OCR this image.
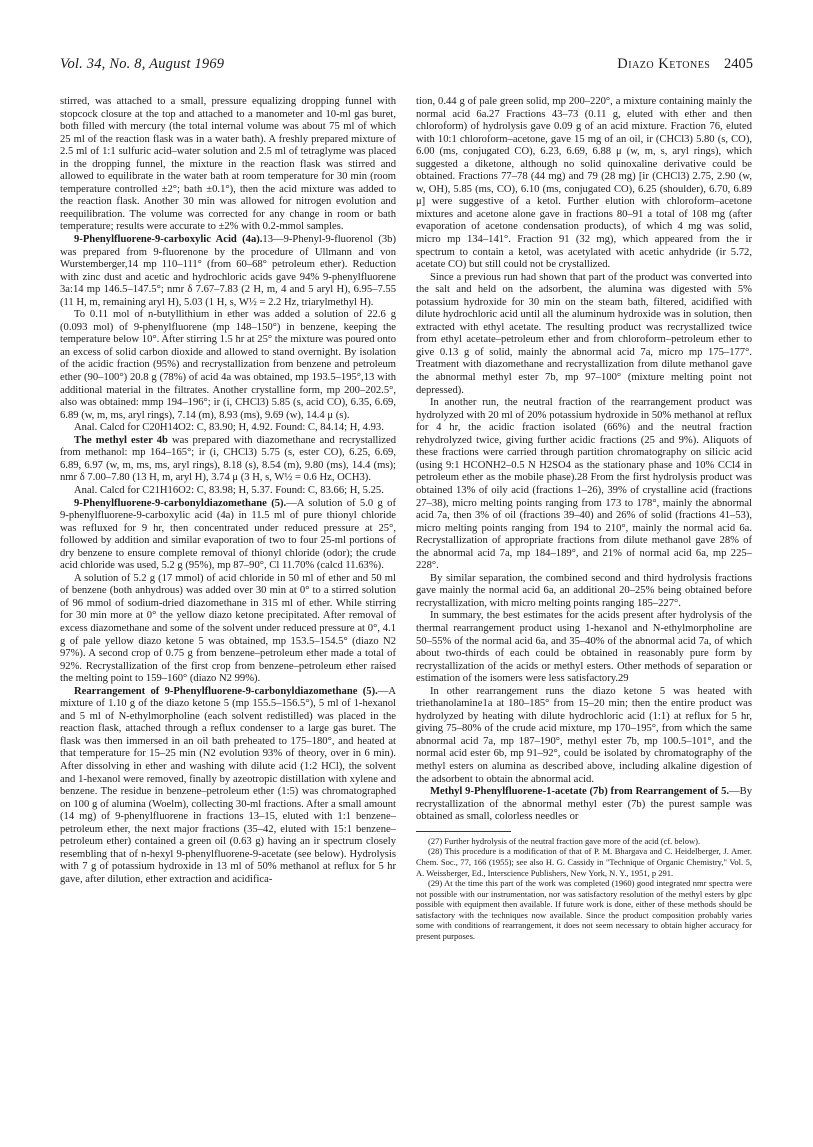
Vol. 34, No. 8, August 1969	Diazo Ketones 2405

stirred, was attached to a small, pressure equalizing dropping funnel with stopcock closure at the top and attached to a manometer and 10-ml gas buret, both filled with mercury (the total internal volume was about 75 ml of which 25 ml of the reaction flask was in a water bath). A freshly prepared mixture of 2.5 ml of 1:1 sulfuric acid–water solution and 2.5 ml of tetraglyme was placed in the dropping funnel, the mixture in the reaction flask was stirred and allowed to equilibrate in the water bath at room temperature for 30 min (room temperature controlled ±2°; bath ±0.1°), then the acid mixture was added to the reaction flask. Another 30 min was allowed for nitrogen evolution and reequilibration. The volume was corrected for any change in room or bath temperature; results were accurate to ±2% with 0.2-mmol samples.

9-Phenylfluorene-9-carboxylic Acid (4a).13—9-Phenyl-9-fluorenol (3b) was prepared from 9-fluorenone by the procedure of Ullmann and von Wurstemberger,14 mp 110–111° (from 60–68° petroleum ether). Reduction with zinc dust and acetic and hydrochloric acids gave 94% 9-phenylfluorene 3a:14 mp 146.5–147.5°; nmr δ 7.67–7.83 (2 H, m, 4 and 5 aryl H), 6.95–7.55 (11 H, m, remaining aryl H), 5.03 (1 H, s, W½ = 2.2 Hz, triarylmethyl H).

To 0.11 mol of n-butyllithium in ether was added a solution of 22.6 g (0.093 mol) of 9-phenylfluorene (mp 148–150°) in benzene, keeping the temperature below 10°. After stirring 1.5 hr at 25° the mixture was poured onto an excess of solid carbon dioxide and allowed to stand overnight. By isolation of the acidic fraction (95%) and recrystallization from benzene and petroleum ether (90–100°) 20.8 g (78%) of acid 4a was obtained, mp 193.5–195°,13 with additional material in the filtrates. Another crystalline form, mp 200–202.5°, also was obtained: mmp 194–196°; ir (i, CHCl3) 5.85 (s, acid CO), 6.35, 6.69, 6.89 (w, m, ms, aryl rings), 7.14 (m), 8.93 (ms), 9.69 (w), 14.4 μ (s).

Anal. Calcd for C20H14O2: C, 83.90; H, 4.92. Found: C, 84.14; H, 4.93.

The methyl ester 4b was prepared with diazomethane and recrystallized from methanol: mp 164–165°; ir (i, CHCl3) 5.75 (s, ester CO), 6.25, 6.69, 6.89, 6.97 (w, m, ms, ms, aryl rings), 8.18 (s), 8.54 (m), 9.80 (ms), 14.4 (ms); nmr δ 7.00–7.80 (13 H, m, aryl H), 3.74 μ (3 H, s, W½ = 0.6 Hz, OCH3).

Anal. Calcd for C21H16O2: C, 83.98; H, 5.37. Found: C, 83.66; H, 5.25.

9-Phenylfluorene-9-carbonyldiazomethane (5).—A solution of 5.0 g of 9-phenylfluorene-9-carboxylic acid (4a) in 11.5 ml of pure thionyl chloride was refluxed for 9 hr, then concentrated under reduced pressure at 25°, followed by addition and similar evaporation of two to four 25-ml portions of dry benzene to ensure complete removal of thionyl chloride (odor); the crude acid chloride was used, 5.2 g (95%), mp 87–90°, Cl 11.70% (calcd 11.63%).

A solution of 5.2 g (17 mmol) of acid chloride in 50 ml of ether and 50 ml of benzene (both anhydrous) was added over 30 min at 0° to a stirred solution of 96 mmol of sodium-dried diazomethane in 315 ml of ether. While stirring for 30 min more at 0° the yellow diazo ketone precipitated. After removal of excess diazomethane and some of the solvent under reduced pressure at 0°, 4.1 g of pale yellow diazo ketone 5 was obtained, mp 153.5–154.5° (diazo N2 97%). A second crop of 0.75 g from benzene–petroleum ether made a total of 92%. Recrystallization of the first crop from benzene–petroleum ether raised the melting point to 159–160° (diazo N2 99%).

Rearrangement of 9-Phenylfluorene-9-carbonyldiazomethane (5).—A mixture of 1.10 g of the diazo ketone 5 (mp 155.5–156.5°), 5 ml of 1-hexanol and 5 ml of N-ethylmorpholine (each solvent redistilled) was placed in the reaction flask, attached through a reflux condenser to a large gas buret. The flask was then immersed in an oil bath preheated to 175–180°, and heated at that temperature for 15–25 min (N2 evolution 93% of theory, over in 6 min). After dissolving in ether and washing with dilute acid (1:2 HCl), the solvent and 1-hexanol were removed, finally by azeotropic distillation with xylene and benzene. The residue in benzene–petroleum ether (1:5) was chromatographed on 100 g of alumina (Woelm), collecting 30-ml fractions. After a small amount (14 mg) of 9-phenylfluorene in fractions 13–15, eluted with 1:1 benzene–petroleum ether, the next major fractions (35–42, eluted with 15:1 benzene–petroleum ether) contained a green oil (0.63 g) having an ir spectrum closely resembling that of n-hexyl 9-phenylfluorene-9-acetate (see below). Hydrolysis with 7 g of potassium hydroxide in 13 ml of 50% methanol at reflux for 5 hr gave, after dilution, ether extraction and acidifica-

tion, 0.44 g of pale green solid, mp 200–220°, a mixture containing mainly the normal acid 6a.27 Fractions 43–73 (0.11 g, eluted with ether and then chloroform) of hydrolysis gave 0.09 g of an acid mixture. Fraction 76, eluted with 10:1 chloroform–acetone, gave 15 mg of an oil, ir (CHCl3) 5.80 (s, CO), 6.00 (ms, conjugated CO), 6.23, 6.69, 6.88 μ (w, m, s, aryl rings), which suggested a diketone, although no solid quinoxaline derivative could be obtained. Fractions 77–78 (44 mg) and 79 (28 mg) [ir (CHCl3) 2.75, 2.90 (w, w, OH), 5.85 (ms, CO), 6.10 (ms, conjugated CO), 6.25 (shoulder), 6.70, 6.89 μ] were suggestive of a ketol. Further elution with chloroform–acetone mixtures and acetone alone gave in fractions 80–91 a total of 108 mg (after evaporation of acetone condensation products), of which 4 mg was solid, micro mp 134–141°. Fraction 91 (32 mg), which appeared from the ir spectrum to contain a ketol, was acetylated with acetic anhydride (ir 5.72, acetate CO) but still could not be crystallized.

Since a previous run had shown that part of the product was converted into the salt and held on the adsorbent, the alumina was digested with 5% potassium hydroxide for 30 min on the steam bath, filtered, acidified with dilute hydrochloric acid until all the aluminum hydroxide was in solution, then extracted with ethyl acetate. The resulting product was recrystallized twice from ethyl acetate–petroleum ether and from chloroform–petroleum ether to give 0.13 g of solid, mainly the abnormal acid 7a, micro mp 175–177°. Treatment with diazomethane and recrystallization from dilute methanol gave the abnormal methyl ester 7b, mp 97–100° (mixture melting point not depressed).

In another run, the neutral fraction of the rearrangement product was hydrolyzed with 20 ml of 20% potassium hydroxide in 50% methanol at reflux for 4 hr, the acidic fraction isolated (66%) and the neutral fraction rehydrolyzed twice, giving further acidic fractions (25 and 9%). Aliquots of these fractions were carried through partition chromatography on silicic acid (using 9:1 HCONH2–0.5 N H2SO4 as the stationary phase and 10% CCl4 in petroleum ether as the mobile phase).28 From the first hydrolysis product was obtained 13% of oily acid (fractions 1–26), 39% of crystalline acid (fractions 27–38), micro melting points ranging from 173 to 178°, mainly the abnormal acid 7a, then 3% of oil (fractions 39–40) and 26% of solid (fractions 41–53), micro melting points ranging from 194 to 210°, mainly the normal acid 6a. Recrystallization of appropriate fractions from dilute methanol gave 28% of the abnormal acid 7a, mp 184–189°, and 21% of normal acid 6a, mp 225–228°.

By similar separation, the combined second and third hydrolysis fractions gave mainly the normal acid 6a, an additional 20–25% being obtained before recrystallization, with micro melting points ranging 185–227°.

In summary, the best estimates for the acids present after hydrolysis of the thermal rearrangement product using 1-hexanol and N-ethylmorpholine are 50–55% of the normal acid 6a, and 35–40% of the abnormal acid 7a, of which about two-thirds of each could be obtained in reasonably pure form by recrystallization of the acids or methyl esters. Other methods of separation or estimation of the isomers were less satisfactory.29

In other rearrangement runs the diazo ketone 5 was heated with triethanolamine1a at 180–185° from 15–20 min; then the entire product was hydrolyzed by heating with dilute hydrochloric acid (1:1) at reflux for 5 hr, giving 75–80% of the crude acid mixture, mp 170–195°, from which the same abnormal acid 7a, mp 187–190°, methyl ester 7b, mp 100.5–101°, and the normal acid ester 6b, mp 91–92°, could be isolated by chromatography of the methyl esters on alumina as described above, including alkaline digestion of the adsorbent to obtain the abnormal acid.

Methyl 9-Phenylfluorene-1-acetate (7b) from Rearrangement of 5.—By recrystallization of the abnormal methyl ester (7b) the purest sample was obtained as small, colorless needles or

(27) Further hydrolysis of the neutral fraction gave more of the acid (cf. below).

(28) This procedure is a modification of that of P. M. Bhargava and C. Heidelberger, J. Amer. Chem. Soc., 77, 166 (1955); see also H. G. Cassidy in "Technique of Organic Chemistry," Vol. 5, A. Weissberger, Ed., Interscience Publishers, New York, N. Y., 1951, p 291.

(29) At the time this part of the work was completed (1960) good integrated nmr spectra were not possible with our instrumentation, nor was satisfactory resolution of the methyl esters by glpc possible with equipment then available. If future work is done, either of these methods should be satisfactory with the techniques now available. Since the product composition probably varies some with conditions of rearrangement, it does not seem necessary to obtain higher accuracy for present purposes.
